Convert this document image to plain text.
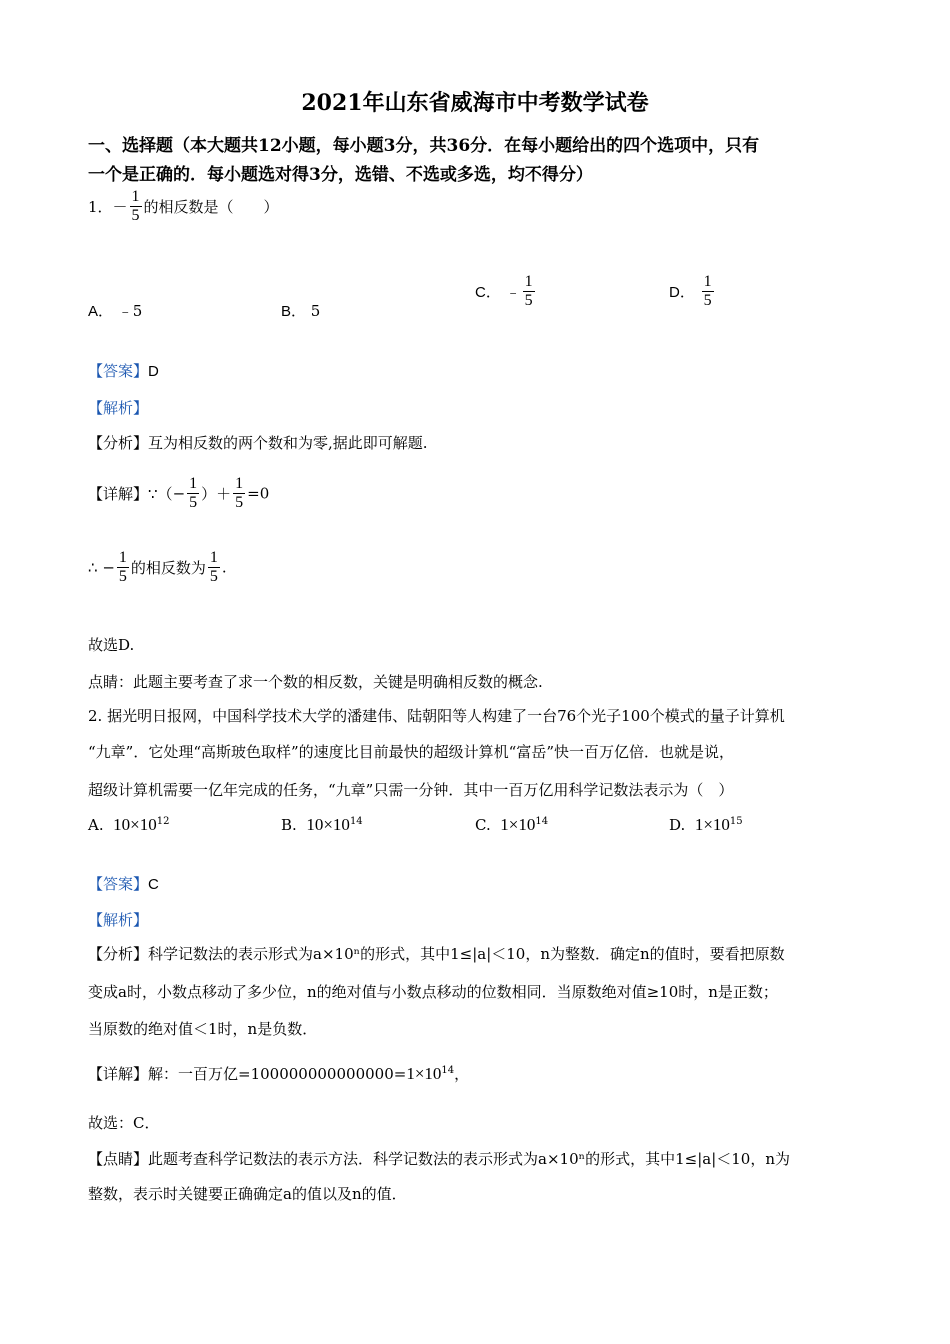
2021年山东省威海市中考数学试卷
一、选择题（本大题共12小题，每小题3分，共36分．在每小题给出的四个选项中，只有
一个是正确的．每小题选对得3分，选错、不选或多选，均不得分）
1．－ $\frac{1}{5}$ 的相反数是（　　）
A． ﹣5	B． 5
C． ﹣ $\frac{1}{5}$	D． $\frac{1}{5}$
【答案】D
【解析】
【分析】互为相反数的两个数和为零,据此即可解题.
【详解】∵（− $\frac{1}{5}$ ）＋ $\frac{1}{5} =0$
∴ − $\frac{1}{5}$ 的相反数为 $\frac{1}{5}$ .
故选D.
点睛：此题主要考查了求一个数的相反数，关键是明确相反数的概念.
2. 据光明日报网，中国科学技术大学的潘建伟、陆朝阳等人构建了一台76个光子100个模式的量子计算机
“九章”．它处理“高斯玻色取样”的速度比目前最快的超级计算机“富岳”快一百万亿倍．也就是说，
超级计算机需要一亿年完成的任务，“九章”只需一分钟．其中一百万亿用科学记数法表示为（　）
A. $10\times 10^{12}$	B. $10\times 10^{14}$	C. $1\times 10^{14}$	D. $1\times 10^{15}$
【答案】C
【解析】
【分析】科学记数法的表示形式为a×10ⁿ的形式，其中1≤|a|＜10，n为整数．确定n的值时，要看把原数
变成a时，小数点移动了多少位，n的绝对值与小数点移动的位数相同．当原数绝对值≥10时，n是正数；
当原数的绝对值＜1时，n是负数．
【详解】解：一百万亿$=100000000000000=1\times 10^{14}$，
故选：C．
【点睛】此题考查科学记数法的表示方法．科学记数法的表示形式为a×10ⁿ的形式，其中1≤|a|＜10，n为
整数，表示时关键要正确确定a的值以及n的值．
